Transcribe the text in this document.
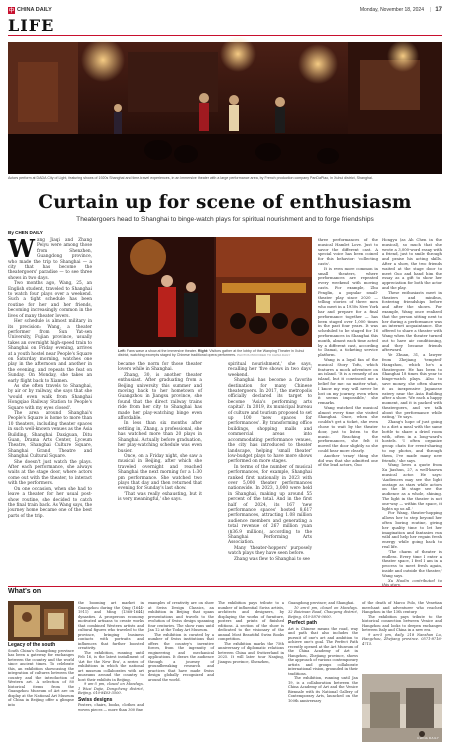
中 CHINA DAILY	Monday, November 18, 2024 | 17
LIFE
Actors perform at DADA City of Light, featuring shows of 1920s Shanghai and time-travel experiences, in an immersive theater with a large performance area, by French production company PanDaPiao, in Xuhui district, Shanghai.
Curtain up for scene of enthusiasm
Theatergoers head to Shanghai to binge-watch plays for spiritual nourishment and to forge friendships
By CHEN DAILY
W ang Jiaqi and Zhang Peiyu were among those from Shenzhen, Guangdong province, who made the trip to Shanghai — a city that has become the theatergoers' paradise — to see three shows in two days.

Two months ago, Wang, 25, an English student, traveled to Shanghai to watch four plays over a weekend. Such a tight schedule has been routine for her and her friends, becoming increasingly common in the lives of many theater lovers.

Her schedule is almost military in its precision: Wang, a theater performer from Sun Yat-sen University, Fujian province, usually takes an overnight high-speed train to Shanghai on Friday evening, arrives at a youth hostel near People's Square on Saturday morning, watches one play in the afternoon and another in the evening, and repeats the feat on Sunday. On Monday, she takes an early flight back to Xiamen.

As she often travels to Shanghai, by air or by railway, she says that she 'would even walk from Shanghai Hongqiao Railway Station to People's Square with my eyes closed'.

The area around Shanghai's People's Square is home to more than 10 theaters, including theater spaces in such well-known venues as the Asia Building, Shanghai Daxiguan, Ditu Guan, Drama Arts Center, Lyceum Theatre, Shanghai Culture Square, Shanghai Grand Theatre and Shanghai Cultural Square.

She doesn't just watch the plays. After each performance, she always waits at the stage door, where actors come out with the theater, to interact with the performers.

On one occasion, when she had to leave a theater for her usual post-show routine, she decided to catch the final train back. As Wang says, the journey home became one of the best parts of the trip.

Left: Fans wave a show at the immersive theater. Right: Visitors gather at the lobby of the Wanping Theater in Xuhui district, watching excerpts staged by Chinese traditional opera performers. PHOTOS PROVIDED TO CHINA DAILY

became the norm for those theater lovers while in Shanghai.

Zhang, 30, is another theater enthusiast. After graduating from a Beijing university this summer and moving back to her hometown of Guangzhou in Jiangsu province, she found that the direct railway trains ride from her city to Shanghai has made her play-watching binge even affordable.

In less than six months after settling in, Zhang, a professional, she has watched more than 20 plays in Shanghai. Actually before graduation, her play-watching schedule was even busier.

Once, on a Friday night, she saw a musical in Beijing, after which she traveled overnight and reached Shanghai the next morning for a 1:30 pm performance. She watched two plays that day and then returned that evening for Sunday's last show.

'That was really exhausting, but it is very meaningful,' she says.

spiritual nourishment,' she says, recalling her 'five shows in two days' weekend.

Shanghai has become a favorite destination for many Chinese theatergoers. In 2017, the metropolis officially declared its target to become 'Asia's performing arts capital'. In 2019, its municipal bureau of culture and tourism proposed to set up 100 'new spaces for performances'. By transforming office buildings, shopping malls and commercial areas into accommodating performance venues, the city has introduced to theater landscape, helping 'small theater' low-budget plays to have more shows performed on more stages.

In terms of the number of musical performances, for example, Shanghai ranked first nationally in 2023 with over 5,000 theater performances nationwide. In 2023, 3,000 were held in Shanghai, making up around 55 percent of the total. And in the first half of 2024, its 167 'new performance spaces' hosted 8,617 performances, attracting 1.08 million audience members and generating a total revenue of 267 million yuan ($36.9 million), according to the Shanghai Performing Arts Association.

Many 'theater-hoppers' purposely watch plays they have seen before.

Zhang was flew to Shanghai to see

three performances of the musical Hamlet Love. Just to savor the different cast. A special voice has been coined for this behavior: 'collecting casts'.

It is even more common in small theaters, where performances are repeated every weekend with moving casts. For example, Zhu Fenglin, a popular small-theater play since 2020 — telling stories of three men who meet in a 1930s New York bar and prepare for a final performance together — has been staged over 1,000 times in the past four years. It was scheduled to be staged for 16 performances in Shanghai this month, almost each time acted by a different cast, according to Damai, a ticketing service platform.

Wang is a loyal fan of the musical Story Tofu, which features a mock adventure on an island. 'It is a remedy of an island, but it convinced me a belief for me: no matter what, I know my way will never be lost on my journey, even when it seems impossible,' she remarks.

Wang watched the musical almost every time she visited Shanghai. Once, when she couldn't get a ticket, she even chose to wait by the theater door, just to listen to the music. Reaching the performances, she felt it moved the door slightly so she could hear more clearly.

Another 'crazy' thing she did was that she admitted one of the lead actors, Guo

Hongyu (as Ah Chen in the musical), so much that she wrote a 3,000-word essay with a friend, just to smile through and praise his acting skills. After a show, the two friends waited at the stage door to meet Guo and hand him the essay as a gift to show her appreciation for both the actor and the play.

These enthusiasts meet in theaters and minibus, fostering friendships before and after the shows. For example, Wang once realized that the person sitting next to her during a performance was an internet acquaintance. She offered to share a theater with Wang when the theater turned out to have air conditioning, and they became friends afterward.

Ye Zhuan, 31, a lawyer from Zhejiang 'tempted' Hangzhou, which he's a theatergoer. He has been to Shanghai 18 times this year to binge-watch plays. Also to save money, she often shares it as inexpensive Japanese eatery near the Asia Building after a show. 'We each a happy moment, and it is packed with theatergoers, and we talk about the performance while eating,' Ye says.

Zhang's hope of just going to a diet a meal with the same bottle to share a dried room with, often in a long-ward's hostels. 'I often organize group chats for event-sharing to my photos, and through them, I've made many new friends,' she says.

Wang loves a quote from Xu Jiashun, 27, a well-known musical actor. He says: 'Audiences may see the light onstage as stars while actors on the lit stage see the audience as a whole, shining. The light in the theater is not one-way — within the space, it lights up us all.'

For Wang, theater-hopping allows her to step beyond her often boring routine, giving her quality time to let her imagination and fantasies run wild and help her regain fresh energy while going back to real life.

'The charm of theater is endless. Every time I enter a theater space, I feel I am in a process to meet fresh again, inside and outside the theater,' Wang says.

Xu Haolin contributed to this story.

What's on
Legacy of the south

South China's Guangdong province has been a gateway for exchanges between the country and the world since ancient times. To celebrate this, an exhibition showcasing the integration of cultures between the country and the introduction of Western art. A selection of 80 historical items from the Guangzhou Museum of Art are on display at the National Art Museum of China in Beijing offer a glimpse into

the booming art market in Guangzhou during the Qing (1644-1911) and Ming (1368-1644) dynasties. A prosperous economy motivated artisans to create works that combined Western artists and cultural figures who traveled to the province, bringing business contacts with portraits and influences that further boosted creativity.

The exhibition, running until Feb 16, is the latest installment of 'Art for the New Era', a series of exhibitions in which the national art museum collaborates with art museums around the country to host their exhibits in Beijing.

9 am-5 pm, closed on Mondays. 1 Wusi Dajie, Dongcheng district, Beijing. 010-8403-3500.

Swiss designs

Posters, chairs, books, clothes and woven pieces — more than 300 fine

examples of creativity are on show at Swiss Design Classics, an exhibition in Beijing that spans presentations and travels to the evolution of Swiss design spanning four centuries. The show runs until Jan 12 at the Today Art Museum.

The exhibition is curated by a number of Swiss institutions that offers the country's inventive forces, from the ingenuity of engineering and mechanical applications. It draws the audience through a journey of groundbreaking research and practices that have made Swiss design globally recognized and around the world.

The exhibition pays tribute to a number of influential Swiss artists, architects and designers, by displaying the works of furniture, posters and prints of finished editions. A section of the show is dedicated to the visionary of the annual Most Beautiful Swiss Books competition.

The exhibition marks the 75th anniversary of diplomatic relations between China and Switzerland in 2025. It will later tour Nanjing, Jiangsu province, Shenzhen,

Guangdong province; and Shanghai.

10 am-6 pm, closed on Mondays. 32 Baiziwan Road, Chaoyang district, Beijing. 010-5876-0600.

Perfect path

Art is Chinese means the road, way and path that also includes the pursuit of one's art and ambition to achieve one's goal. The Perfect Path recently opened at the Art Museum of the China Academy of Art in Hangzhou, Zhejiang province, shows the approach of various contemporary artists and groups collaborate international vision, grounded in their traditions.

The exhibition, running until Jan 19, is a collaboration between the China Academy of Art and the Venice Biennale with its National Gallery of Contemporary Arts, launched on the 100th anniversary

of the death of Marco Polo, the Venetian merchant and adventurer who reached Hangzhou in the 13th century.

The exhibition pays tribute to the historical connection between Venice and Hangzhou and looks to deepen exchanges between Italy and China in a new era.

9 am-5 pm, daily. 218 Nanshan Lu, Hangzhou, Zhejiang province. 0571-8716-4715.

CHINA DAILY
